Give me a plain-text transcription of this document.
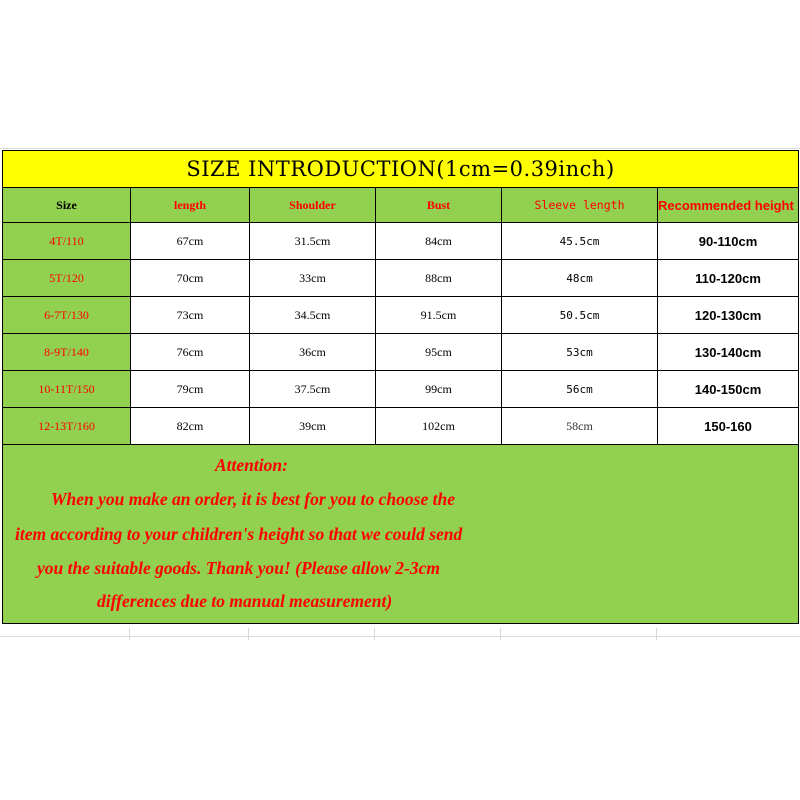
SIZE INTRODUCTION(1cm=0.39inch)					
Size	length	Shoulder	Bust	Sleeve length	Recommended height
4T/110	67cm	31.5cm	84cm	45.5cm	90-110cm
5T/120	70cm	33cm	88cm	48cm	110-120cm
6-7T/130	73cm	34.5cm	91.5cm	50.5cm	120-130cm
8-9T/140	76cm	36cm	95cm	53cm	130-140cm
10-11T/150	79cm	37.5cm	99cm	56cm	140-150cm
12-13T/160	82cm	39cm	102cm	58cm	150-160

Attention:
When you make an order, it is best for you to choose the
item according to your children's height so that we could send
you the suitable goods. Thank you! (Please allow 2-3cm
differences due to manual measurement)					
